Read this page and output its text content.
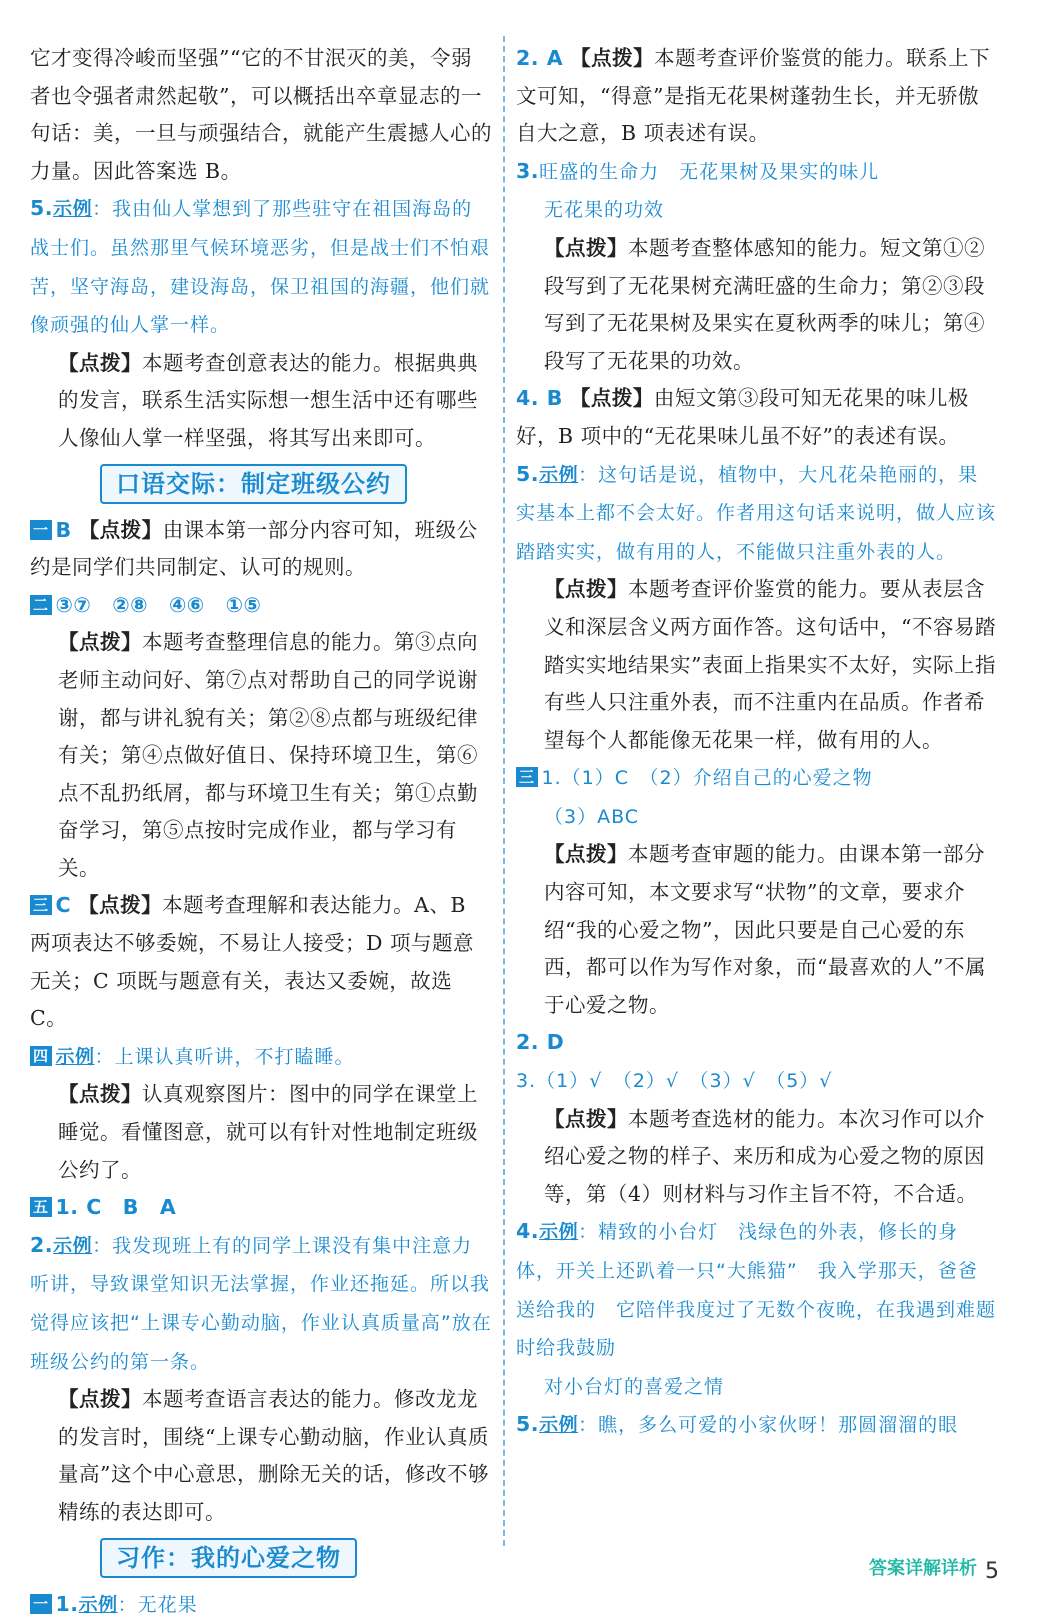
它才变得冷峻而坚强”“它的不甘泯灭的美，令弱者也令强者肃然起敬”，可以概括出卒章显志的一句话：美，一旦与顽强结合，就能产生震撼人心的力量。因此答案选 B。

5.示例：我由仙人掌想到了那些驻守在祖国海岛的战士们。虽然那里气候环境恶劣，但是战士们不怕艰苦，坚守海岛，建设海岛，保卫祖国的海疆，他们就像顽强的仙人掌一样。

【点拨】本题考查创意表达的能力。根据典典的发言，联系生活实际想一想生活中还有哪些人像仙人掌一样坚强，将其写出来即可。

口语交际：制定班级公约

一 B 【点拨】由课本第一部分内容可知，班级公约是同学们共同制定、认可的规则。

二 ③⑦　②⑧　④⑥　①⑤

【点拨】本题考查整理信息的能力。第③点向老师主动问好、第⑦点对帮助自己的同学说谢谢，都与讲礼貌有关；第②⑧点都与班级纪律有关；第④点做好值日、保持环境卫生，第⑥点不乱扔纸屑，都与环境卫生有关；第①点勤奋学习，第⑤点按时完成作业，都与学习有关。

三 C 【点拨】本题考查理解和表达能力。A、B 两项表达不够委婉，不易让人接受；D 项与题意无关；C 项既与题意有关，表达又委婉，故选 C。

四 示例：上课认真听讲，不打瞌睡。

【点拨】认真观察图片：图中的同学在课堂上睡觉。看懂图意，就可以有针对性地制定班级公约了。

五 1. C　B　A

2.示例：我发现班上有的同学上课没有集中注意力听讲，导致课堂知识无法掌握，作业还拖延。所以我觉得应该把“上课专心勤动脑，作业认真质量高”放在班级公约的第一条。

【点拨】本题考查语言表达的能力。修改龙龙的发言时，围绕“上课专心勤动脑，作业认真质量高”这个中心意思，删除无关的话，修改不够精练的表达即可。

习作：我的心爱之物

一 1.示例：无花果

2. A 【点拨】本题考查评价鉴赏的能力。联系上下文可知，“得意”是指无花果树蓬勃生长，并无骄傲自大之意，B 项表述有误。

3.旺盛的生命力　无花果树及果实的味儿

无花果的功效

【点拨】本题考查整体感知的能力。短文第①②段写到了无花果树充满旺盛的生命力；第②③段写到了无花果树及果实在夏秋两季的味儿；第④段写了无花果的功效。

4. B 【点拨】由短文第③段可知无花果的味儿极好，B 项中的“无花果味儿虽不好”的表述有误。

5.示例：这句话是说，植物中，大凡花朵艳丽的，果实基本上都不会太好。作者用这句话来说明，做人应该踏踏实实，做有用的人，不能做只注重外表的人。

【点拨】本题考查评价鉴赏的能力。要从表层含义和深层含义两方面作答。这句话中，“不容易踏踏实实地结果实”表面上指果实不太好，实际上指有些人只注重外表，而不注重内在品质。作者希望每个人都能像无花果一样，做有用的人。

三 1.（1）C　（2）介绍自己的心爱之物

（3）ABC

【点拨】本题考查审题的能力。由课本第一部分内容可知，本文要求写“状物”的文章，要求介绍“我的心爱之物”，因此只要是自己心爱的东西，都可以作为写作对象，而“最喜欢的人”不属于心爱之物。

2. D

3.（1）√　（2）√　（3）√　（5）√

【点拨】本题考查选材的能力。本次习作可以介绍心爱之物的样子、来历和成为心爱之物的原因等，第（4）则材料与习作主旨不符，不合适。

4.示例：精致的小台灯　浅绿色的外表，修长的身体，开关上还趴着一只“大熊猫”　我入学那天，爸爸送给我的　它陪伴我度过了无数个夜晚，在我遇到难题时给我鼓励

对小台灯的喜爱之情

5.示例：瞧，多么可爱的小家伙呀！那圆溜溜的眼

答案详解详析 5
